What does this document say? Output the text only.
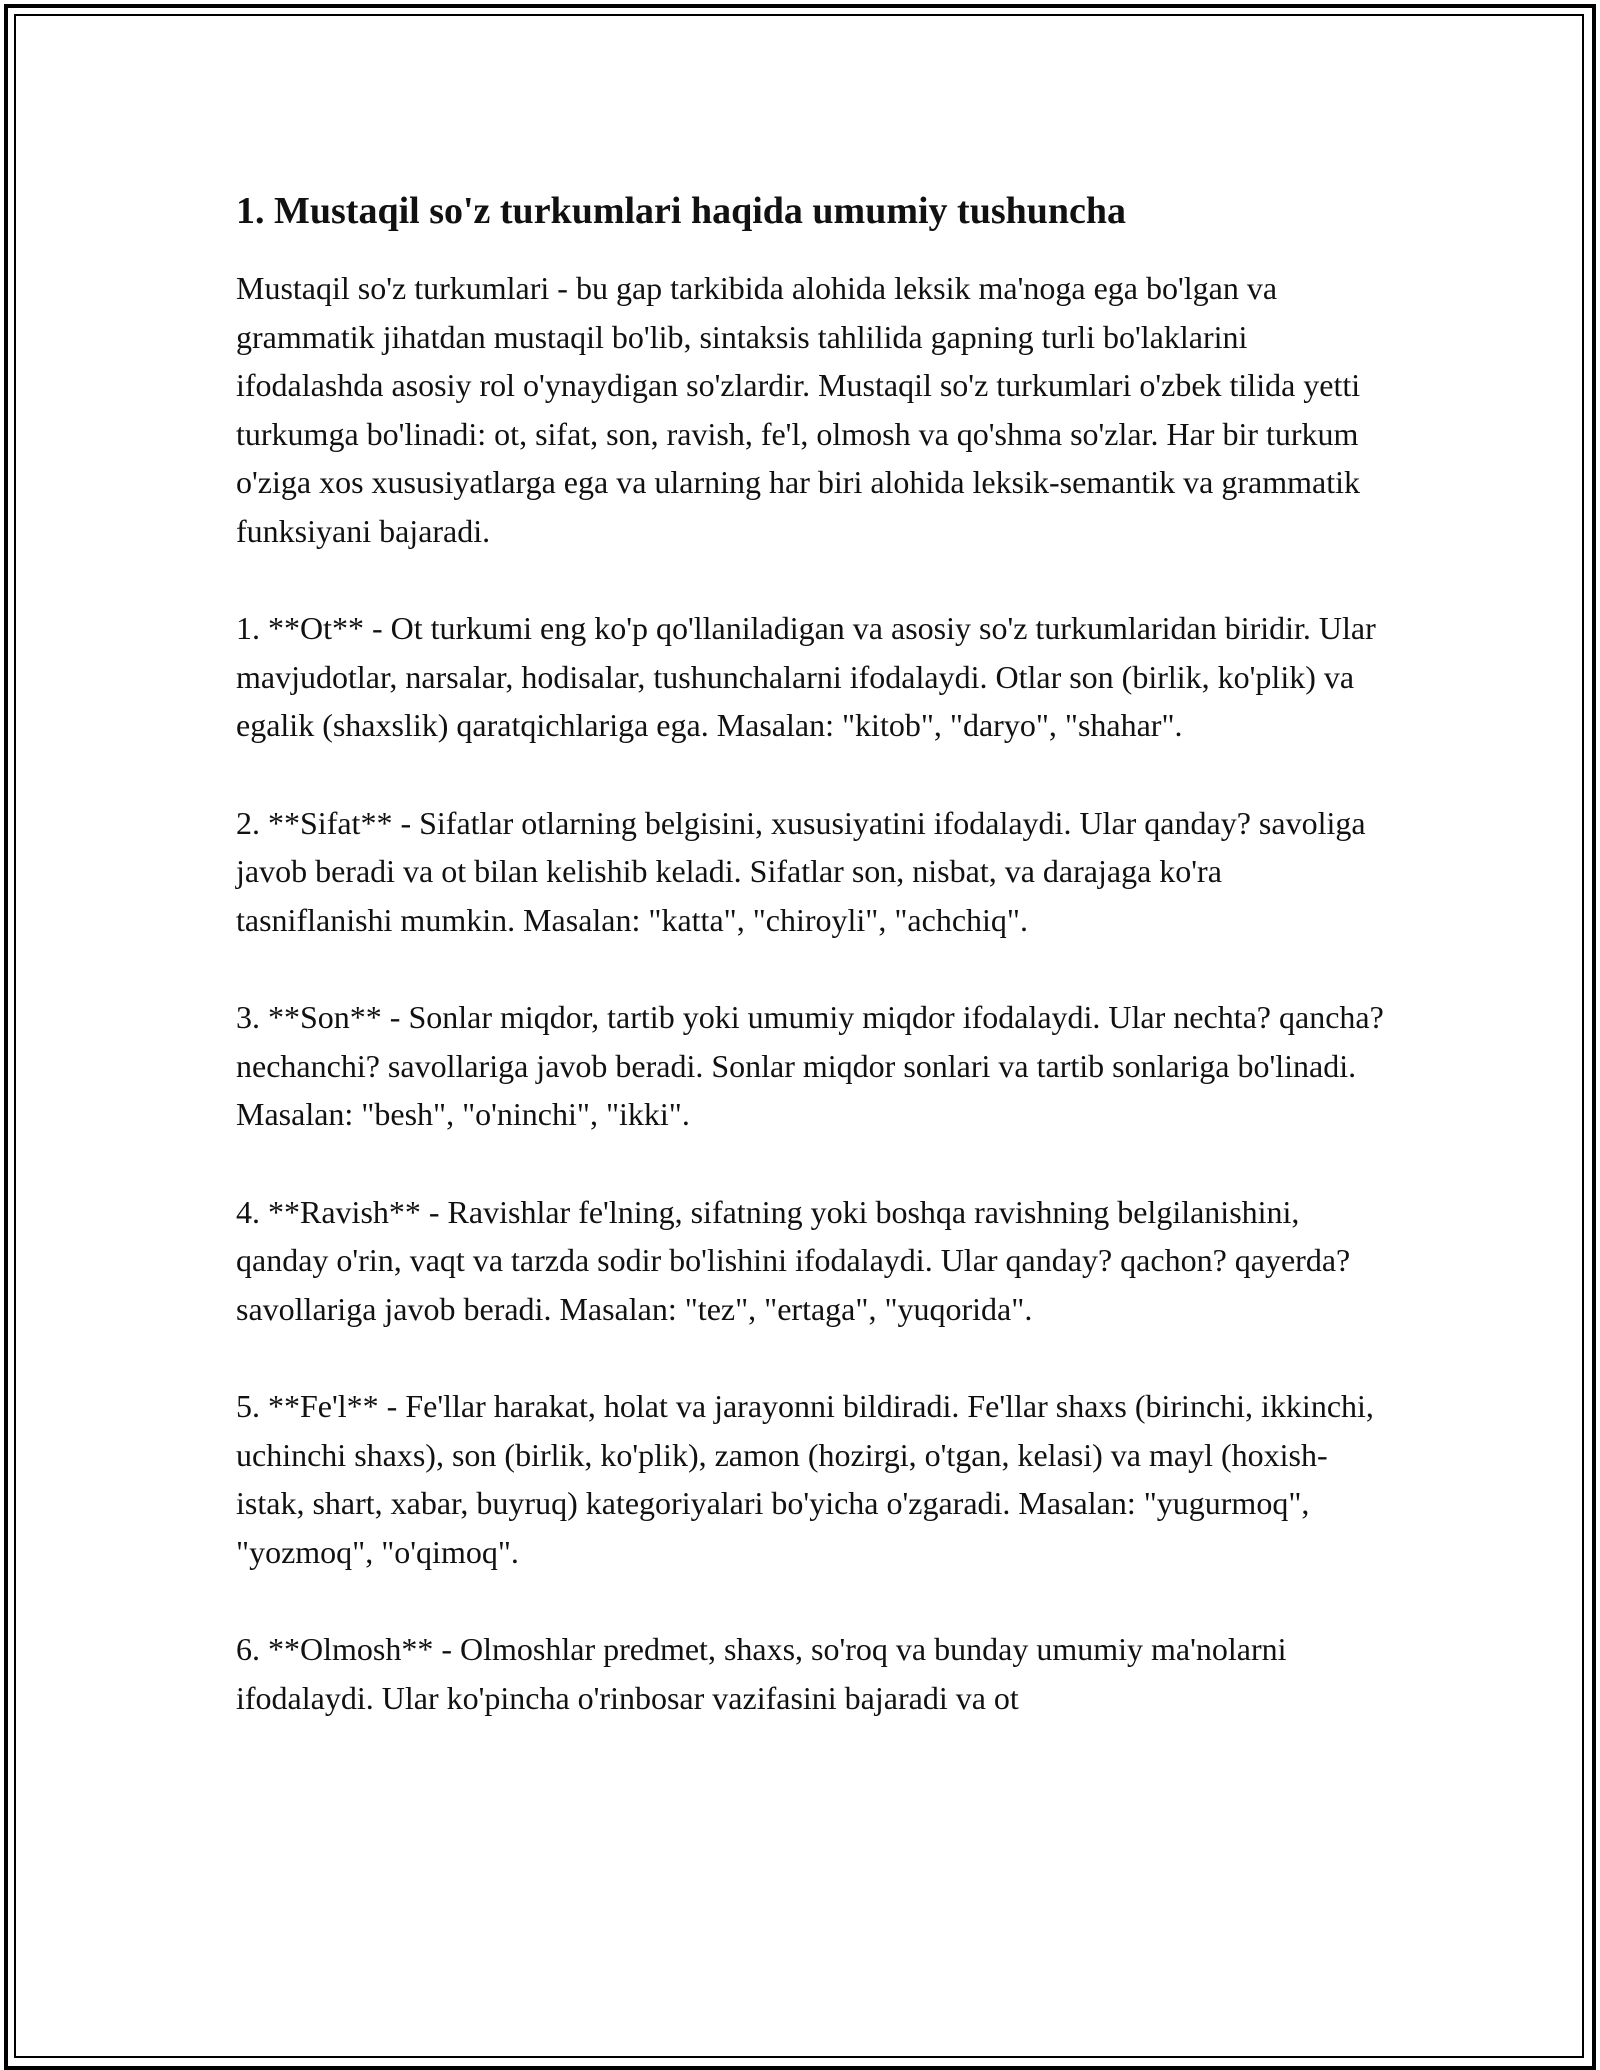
1. Mustaqil so'z turkumlari haqida umumiy tushuncha

Mustaqil so'z turkumlari - bu gap tarkibida alohida leksik ma'noga ega bo'lgan va grammatik jihatdan mustaqil bo'lib, sintaksis tahlilida gapning turli bo'laklarini ifodalashda asosiy rol o'ynaydigan so'zlardir. Mustaqil so'z turkumlari o'zbek tilida yetti turkumga bo'linadi: ot, sifat, son, ravish, fe'l, olmosh va qo'shma so'zlar. Har bir turkum o'ziga xos xususiyatlarga ega va ularning har biri alohida leksik-semantik va grammatik funksiyani bajaradi.

1. **Ot** - Ot turkumi eng ko'p qo'llaniladigan va asosiy so'z turkumlaridan biridir. Ular mavjudotlar, narsalar, hodisalar, tushunchalarni ifodalaydi. Otlar son (birlik, ko'plik) va egalik (shaxslik) qaratqichlariga ega. Masalan: "kitob", "daryo", "shahar".

2. **Sifat** - Sifatlar otlarning belgisini, xususiyatini ifodalaydi. Ular qanday? savoliga javob beradi va ot bilan kelishib keladi. Sifatlar son, nisbat, va darajaga ko'ra tasniflanishi mumkin. Masalan: "katta", "chiroyli", "achchiq".

3. **Son** - Sonlar miqdor, tartib yoki umumiy miqdor ifodalaydi. Ular nechta? qancha? nechanchi? savollariga javob beradi. Sonlar miqdor sonlari va tartib sonlariga bo'linadi. Masalan: "besh", "o'ninchi", "ikki".

4. **Ravish** - Ravishlar fe'lning, sifatning yoki boshqa ravishning belgilanishini, qanday o'rin, vaqt va tarzda sodir bo'lishini ifodalaydi. Ular qanday? qachon? qayerda? savollariga javob beradi. Masalan: "tez", "ertaga", "yuqorida".

5. **Fe'l** - Fe'llar harakat, holat va jarayonni bildiradi. Fe'llar shaxs (birinchi, ikkinchi, uchinchi shaxs), son (birlik, ko'plik), zamon (hozirgi, o'tgan, kelasi) va mayl (hoxish-istak, shart, xabar, buyruq) kategoriyalari bo'yicha o'zgaradi. Masalan: "yugurmoq", "yozmoq", "o'qimoq".

6. **Olmosh** - Olmoshlar predmet, shaxs, so'roq va bunday umumiy ma'nolarni ifodalaydi. Ular ko'pincha o'rinbosar vazifasini bajaradi va ot
